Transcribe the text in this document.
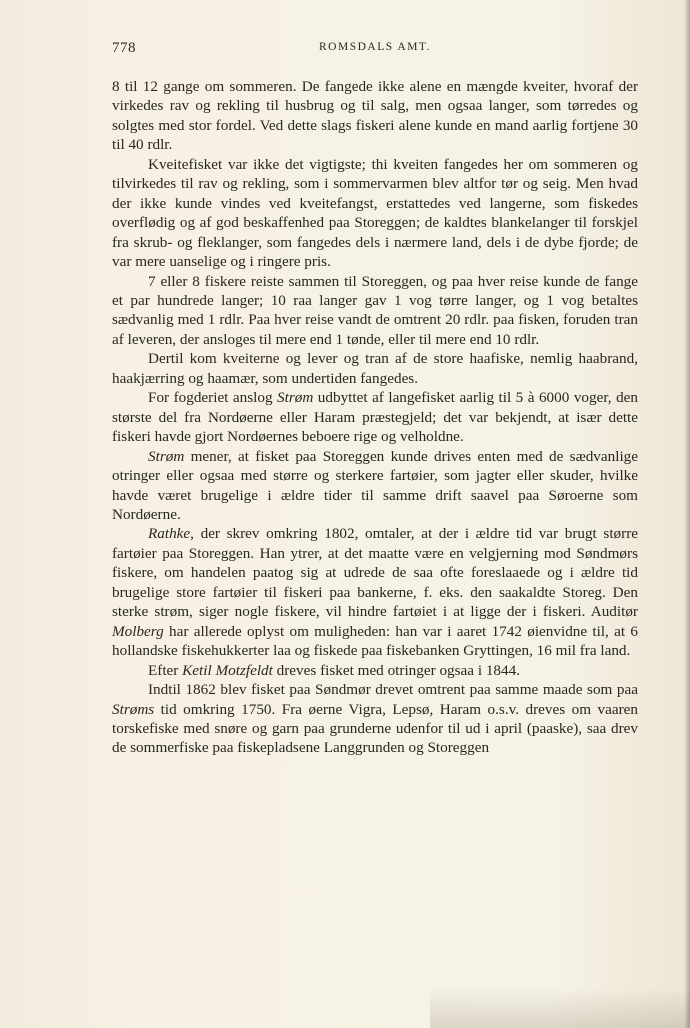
778	ROMSDALS AMT.

8 til 12 gange om sommeren. De fangede ikke alene en mængde kveiter, hvoraf der virkedes rav og rekling til husbrug og til salg, men ogsaa langer, som tørredes og solgtes med stor fordel. Ved dette slags fiskeri alene kunde en mand aarlig fortjene 30 til 40 rdlr.

Kveitefisket var ikke det vigtigste; thi kveiten fangedes her om sommeren og tilvirkedes til rav og rekling, som i sommervarmen blev altfor tør og seig. Men hvad der ikke kunde vindes ved kveitefangst, erstattedes ved langerne, som fiskedes overflødig og af god beskaffenhed paa Storeggen; de kaldtes blankelanger til forskjel fra skrub- og fleklanger, som fangedes dels i nærmere land, dels i de dybe fjorde; de var mere uanselige og i ringere pris.

7 eller 8 fiskere reiste sammen til Storeggen, og paa hver reise kunde de fange et par hundrede langer; 10 raa langer gav 1 vog tørre langer, og 1 vog betaltes sædvanlig med 1 rdlr. Paa hver reise vandt de omtrent 20 rdlr. paa fisken, foruden tran af leveren, der ansloges til mere end 1 tønde, eller til mere end 10 rdlr.

Dertil kom kveiterne og lever og tran af de store haafiske, nemlig haabrand, haakjærring og haamær, som undertiden fangedes.

For fogderiet anslog Strøm udbyttet af langefisket aarlig til 5 à 6000 voger, den største del fra Nordøerne eller Haram præstegjeld; det var bekjendt, at især dette fiskeri havde gjort Nordøernes beboere rige og velholdne.

Strøm mener, at fisket paa Storeggen kunde drives enten med de sædvanlige otringer eller ogsaa med større og sterkere fartøier, som jagter eller skuder, hvilke havde været brugelige i ældre tider til samme drift saavel paa Søroerne som Nordøerne.

Rathke, der skrev omkring 1802, omtaler, at der i ældre tid var brugt større fartøier paa Storeggen. Han ytrer, at det maatte være en velgjerning mod Søndmørs fiskere, om handelen paatog sig at udrede de saa ofte foreslaaede og i ældre tid brugelige store fartøier til fiskeri paa bankerne, f. eks. den saakaldte Storeg. Den sterke strøm, siger nogle fiskere, vil hindre fartøiet i at ligge der i fiskeri. Auditør Molberg har allerede oplyst om muligheden: han var i aaret 1742 øienvidne til, at 6 hollandske fiskehukkerter laa og fiskede paa fiskebanken Gryttingen, 16 mil fra land.

Efter Ketil Motzfeldt dreves fisket med otringer ogsaa i 1844.

Indtil 1862 blev fisket paa Søndmør drevet omtrent paa samme maade som paa Strøms tid omkring 1750. Fra øerne Vigra, Lepsø, Haram o.s.v. dreves om vaaren torskefiske med snøre og garn paa grunderne udenfor til ud i april (paaske), saa drev de sommerfiske paa fiskepladsene Langgrunden og Storeggen
